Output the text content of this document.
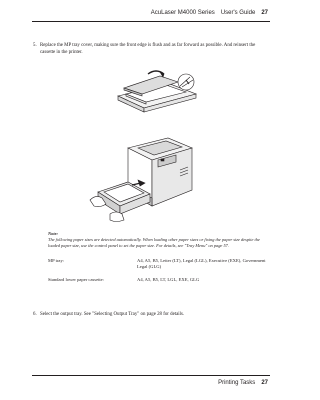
AcuLaser M4000 Series User's Guide 27
5. Replace the MP tray cover, making sure the front edge is flush and as far forward as possible. And reinsert the cassette in the printer.
Note:
The following paper sizes are detected automatically. When loading other paper sizes or fixing the paper size despite the loaded paper size, use the control panel to set the paper size. For details, see "Tray Menu" on page 57.
MP tray:	A4, A5, B5, Letter (LT), Legal (LGL), Executive (EXE), Government Legal (GLG)
Standard lower paper cassette:	A4, A5, B5, LT, LGL, EXE, GLG
6. Select the output tray. See "Selecting Output Tray" on page 28 for details.
Printing Tasks 27
